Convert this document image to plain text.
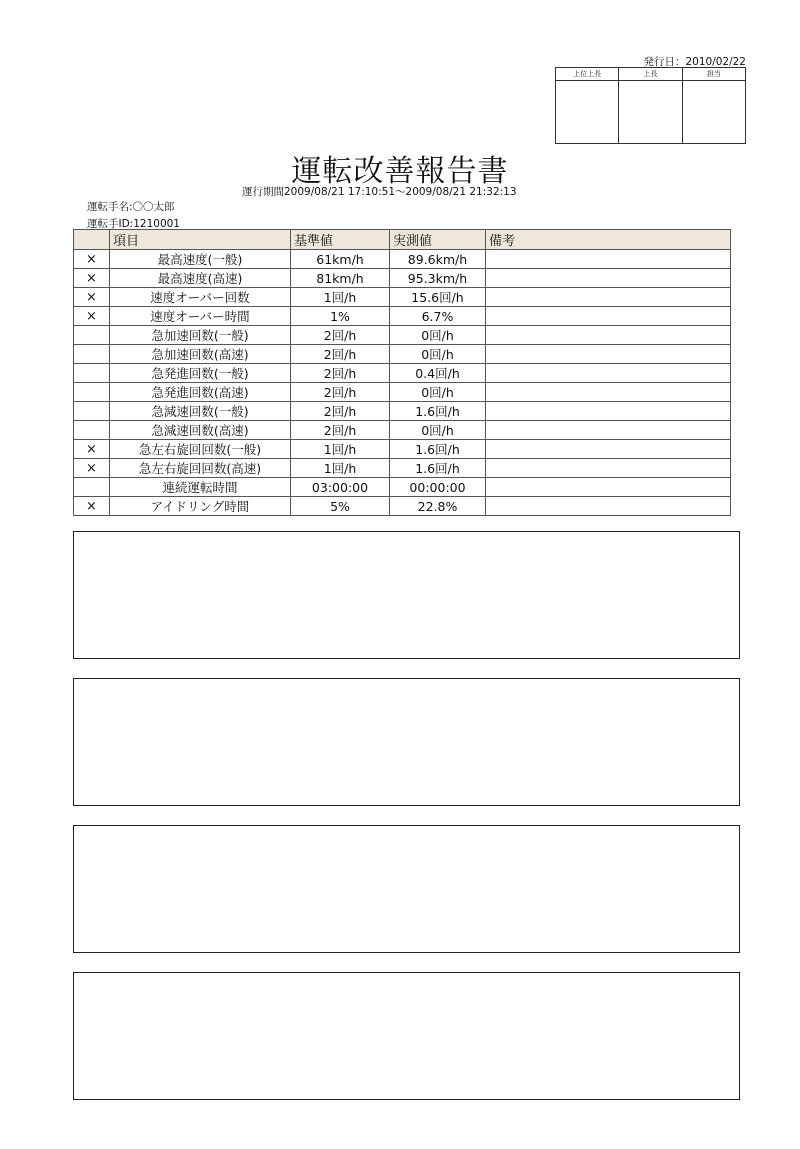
発行日：2010/02/22
上位上長	上長	担当
運転改善報告書
運行期間2009/08/21 17:10:51～2009/08/21 21:32:13
運転手名:〇〇太郎
運転手ID:1210001
	項目	基準値	実測値	備考
×	最高速度(一般)	61km/h	89.6km/h	
×	最高速度(高速)	81km/h	95.3km/h	
×	速度オーバー回数	1回/h	15.6回/h	
×	速度オーバー時間	1%	6.7%	
	急加速回数(一般)	2回/h	0回/h	
	急加速回数(高速)	2回/h	0回/h	
	急発進回数(一般)	2回/h	0.4回/h	
	急発進回数(高速)	2回/h	0回/h	
	急減速回数(一般)	2回/h	1.6回/h	
	急減速回数(高速)	2回/h	0回/h	
×	急左右旋回回数(一般)	1回/h	1.6回/h	
×	急左右旋回回数(高速)	1回/h	1.6回/h	
	連続運転時間	03:00:00	00:00:00	
×	アイドリング時間	5%	22.8%	
